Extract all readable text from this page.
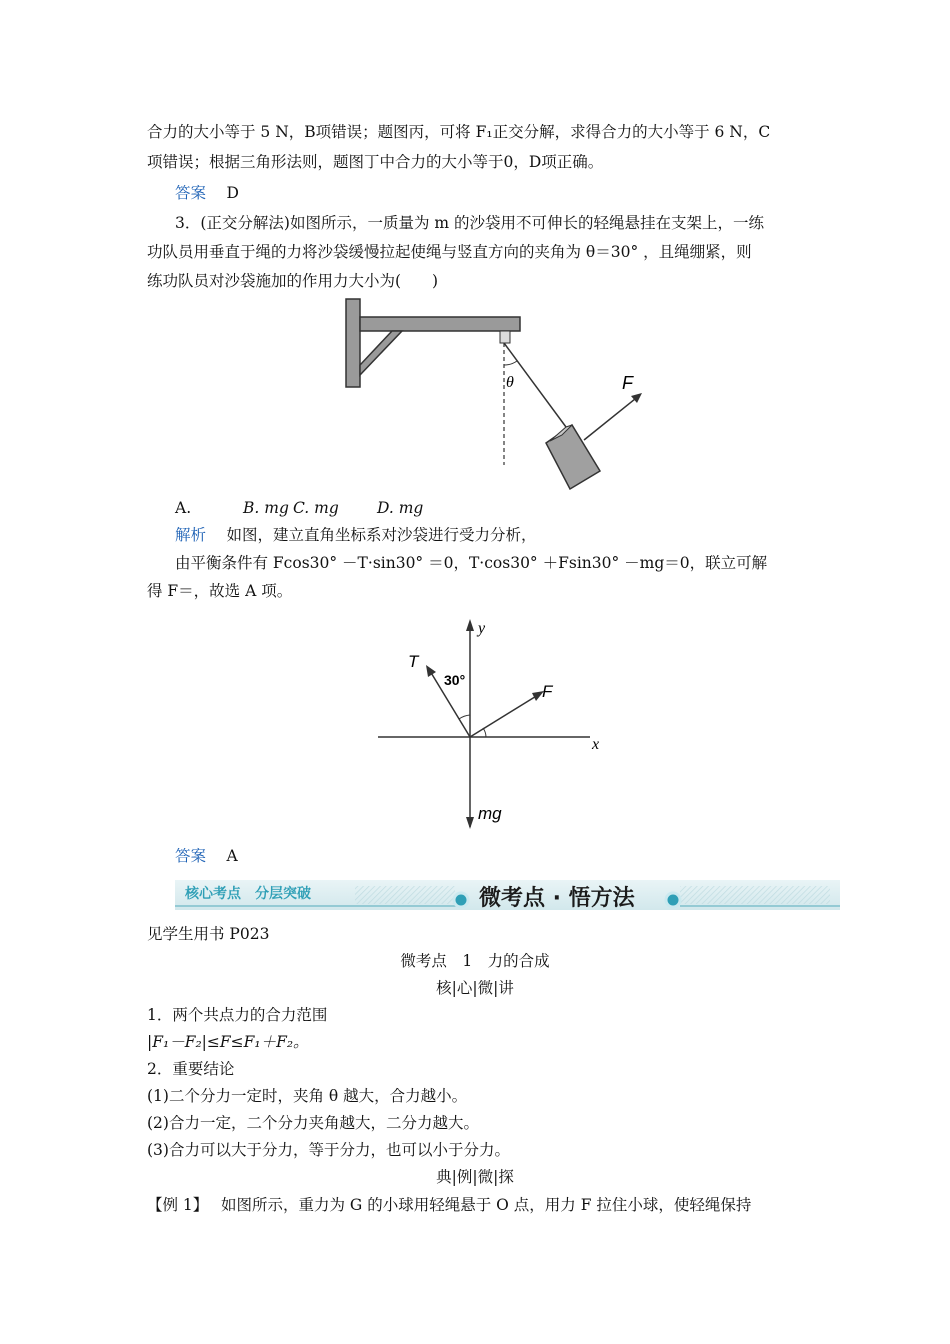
合力的大小等于 5 N，B项错误；题图丙，可将 F₁正交分解，求得合力的大小等于 6 N，C
项错误；根据三角形法则，题图丁中合力的大小等于0，D项正确。
答案　 D
3．(正交分解法)如图所示，一质量为 m 的沙袋用不可伸长的轻绳悬挂在支架上，一练
功队员用垂直于绳的力将沙袋缓慢拉起使绳与竖直方向的夹角为 θ＝30° ，且绳绷紧，则
练功队员对沙袋施加的作用力大小为(　　)
θ	F
A.	B. mg C. mg D. mg
解析　 如图，建立直角坐标系对沙袋进行受力分析，
由平衡条件有 Fcos30° －T·sin30° ＝0，T·cos30° ＋Fsin30° －mg＝0，联立可解
得 F＝，故选 A 项。
y
x
T
30°
F
mg
答案　 A
核心考点　分层突破	微考点 · 悟方法
见学生用书 P023
微考点　1　力的合成
核|心|微|讲
1．两个共点力的合力范围
|F₁－F₂|≤F≤F₁＋F₂。
2．重要结论
(1)二个分力一定时，夹角 θ 越大，合力越小。
(2)合力一定，二个分力夹角越大，二分力越大。
(3)合力可以大于分力，等于分力，也可以小于分力。
典|例|微|探
【例 1】　 如图所示，重力为 G 的小球用轻绳悬于 O 点，用力 F 拉住小球，使轻绳保持
